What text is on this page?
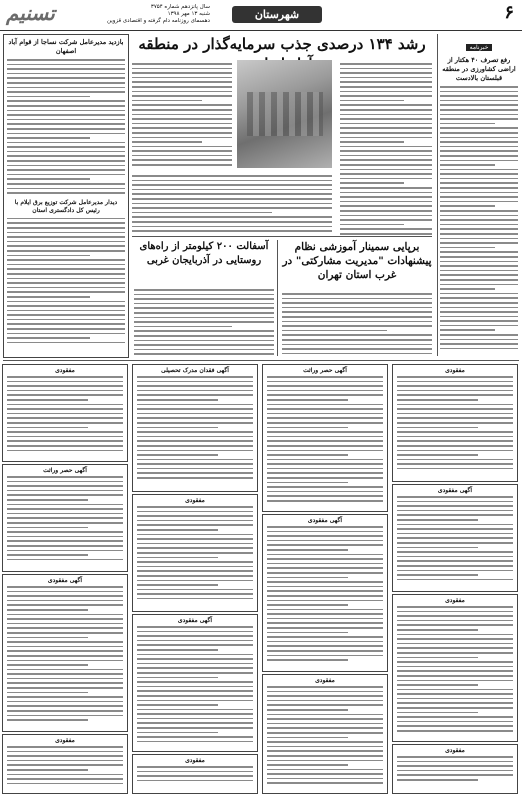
۶
شهرستان
سال پانزدهم شماره ۳۷۵۴
شنبه ۱۳ مهر ۱۳۹۸
دهسمای روزنامه دام گرفته و اقتصادی قزوین
تسنیم
خبرنامه
رفع تصرف ۴۰ هکتار از اراضی کشاورزی در منطقه قبلستان بالادست
رشد ۱۳۴ درصدی جذب سرمایه‌گذار در منطقه
بازدید مدیرعامل شرکت نساجا از قوام آباد اصفهان
دیدار مدیرعامل شرکت توزیع برق ایلام با رئیس کل دادگستری استان
برپایی سمینار آموزشی نظام پیشنهادات "مدیریت مشارکتی" در غرب استان تهران
آسفالت ۲۰۰ کیلومتر از راه‌های روستایی در آذربایجان غربی
مفقودی
آگهی مفقودی
مفقودی
مفقودی
آگهی حصر وراثت
آگهی مفقودی
مفقودی
آگهی فقدان مدرک تحصیلی
مفقودی
آگهی مفقودی
مفقودی
مفقودی
آگهی حصر وراثت
آگهی مفقودی
مفقودی
